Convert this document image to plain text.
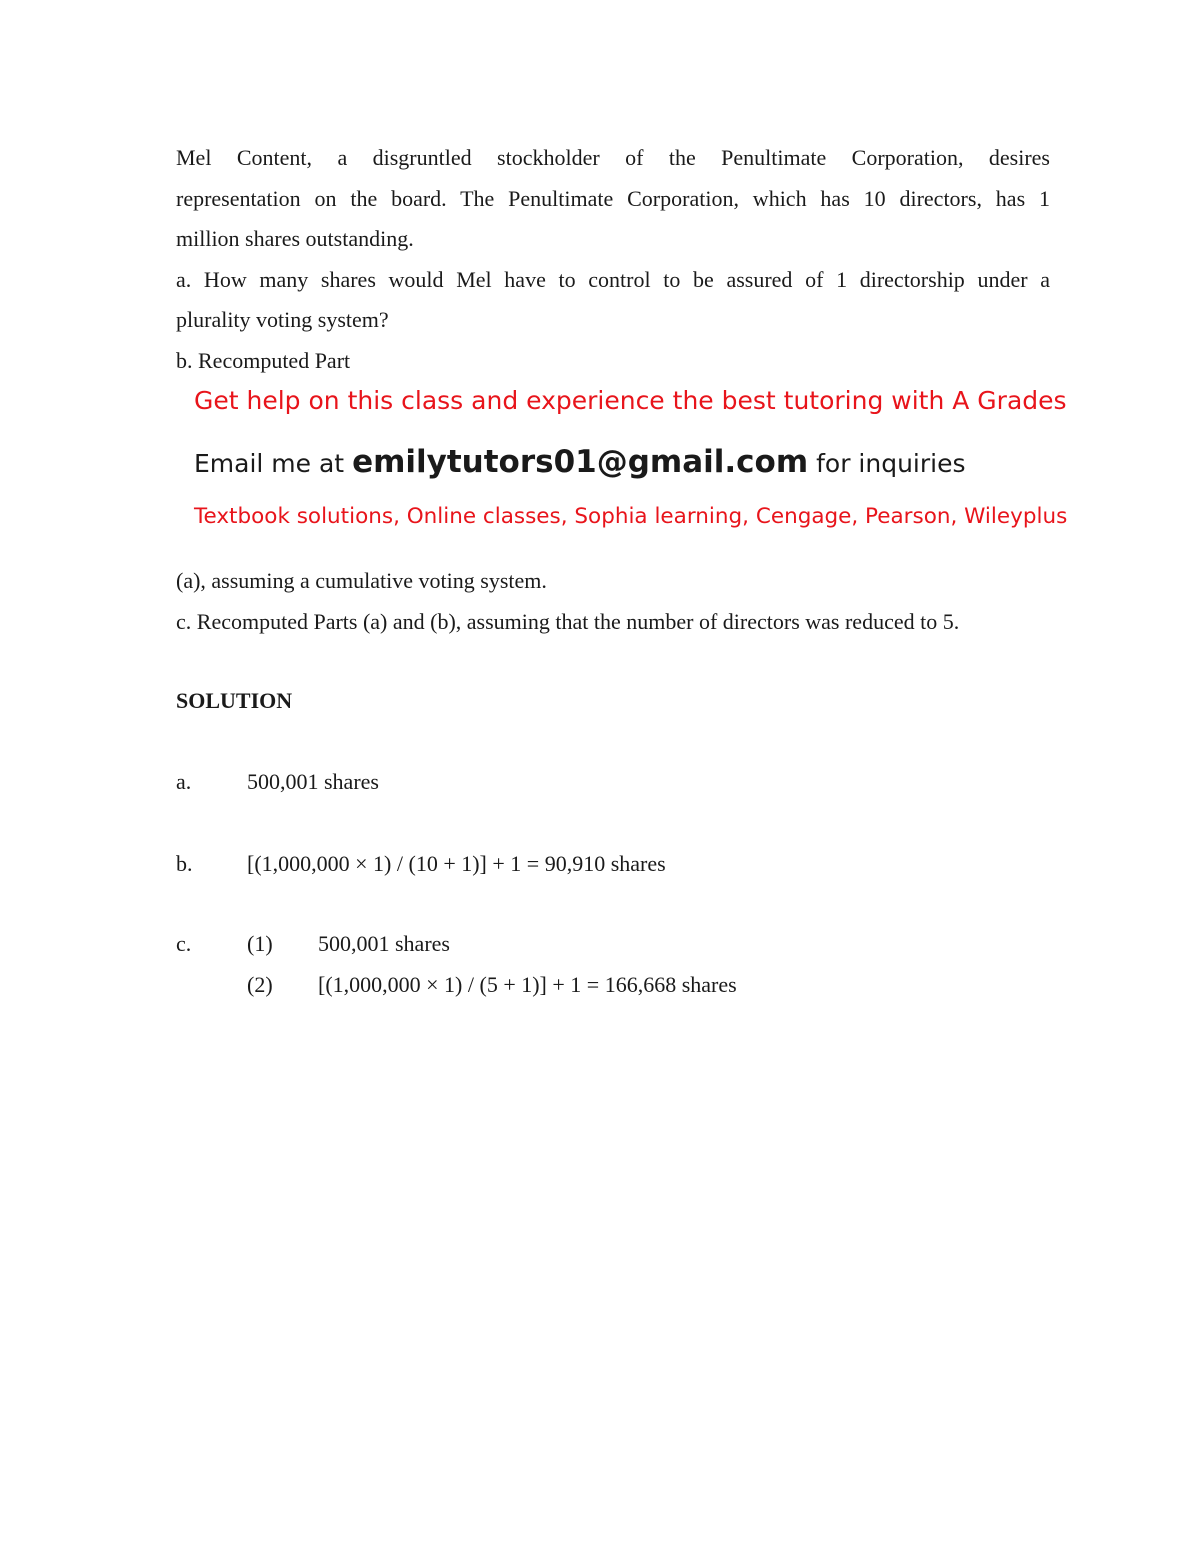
Mel Content, a disgruntled stockholder of the Penultimate Corporation, desires

representation on the board. The Penultimate Corporation, which has 10 directors, has 1

million shares outstanding.

a. How many shares would Mel have to control to be assured of 1 directorship under a

plurality voting system?

b. Recomputed Part

Get help on this class and experience the best tutoring with A Grades
Email me at emilytutors01@gmail.com for inquiries
Textbook solutions, Online classes, Sophia learning, Cengage, Pearson, Wileyplus

(a), assuming a cumulative voting system.

c. Recomputed Parts (a) and (b), assuming that the number of directors was reduced to 5.

SOLUTION
a.	500,001 shares
b. [(1,000,000 × 1) / (10 + 1)] + 1 = 90,910 shares
c.	(1) 500,001 shares
(2) [(1,000,000 × 1) / (5 + 1)] + 1 = 166,668 shares
